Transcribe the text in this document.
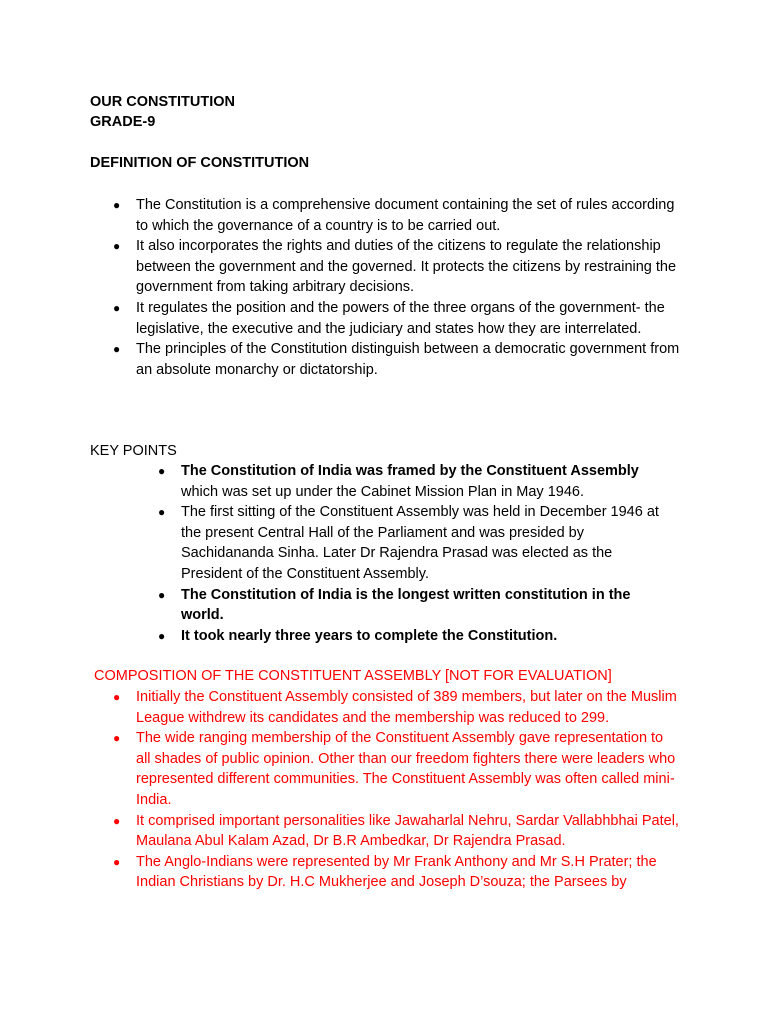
OUR CONSTITUTION
GRADE-9
DEFINITION OF CONSTITUTION
● The Constitution is a comprehensive document containing the set of rules according to which the governance of a country is to be carried out.
● It also incorporates the rights and duties of the citizens to regulate the relationship between the government and the governed. It protects the citizens by restraining the government from taking arbitrary decisions.
● It regulates the position and the powers of the three organs of the government- the legislative, the executive and the judiciary and states how they are interrelated.
● The principles of the Constitution distinguish between a democratic government from an absolute monarchy or dictatorship.
KEY POINTS
● The Constitution of India was framed by the Constituent Assembly which was set up under the Cabinet Mission Plan in May 1946.
● The first sitting of the Constituent Assembly was held in December 1946 at the present Central Hall of the Parliament and was presided by Sachidananda Sinha. Later Dr Rajendra Prasad was elected as the President of the Constituent Assembly.
● The Constitution of India is the longest written constitution in the world.
● It took nearly three years to complete the Constitution.
COMPOSITION OF THE CONSTITUENT ASSEMBLY [NOT FOR EVALUATION]
● Initially the Constituent Assembly consisted of 389 members, but later on the Muslim League withdrew its candidates and the membership was reduced to 299.
● The wide ranging membership of the Constituent Assembly gave representation to all shades of public opinion. Other than our freedom fighters there were leaders who represented different communities. The Constituent Assembly was often called mini-India.
● It comprised important personalities like Jawaharlal Nehru, Sardar Vallabhbhai Patel, Maulana Abul Kalam Azad, Dr B.R Ambedkar, Dr Rajendra Prasad.
● The Anglo-Indians were represented by Mr Frank Anthony and Mr S.H Prater; the Indian Christians by Dr. H.C Mukherjee and Joseph D’souza; the Parsees by
